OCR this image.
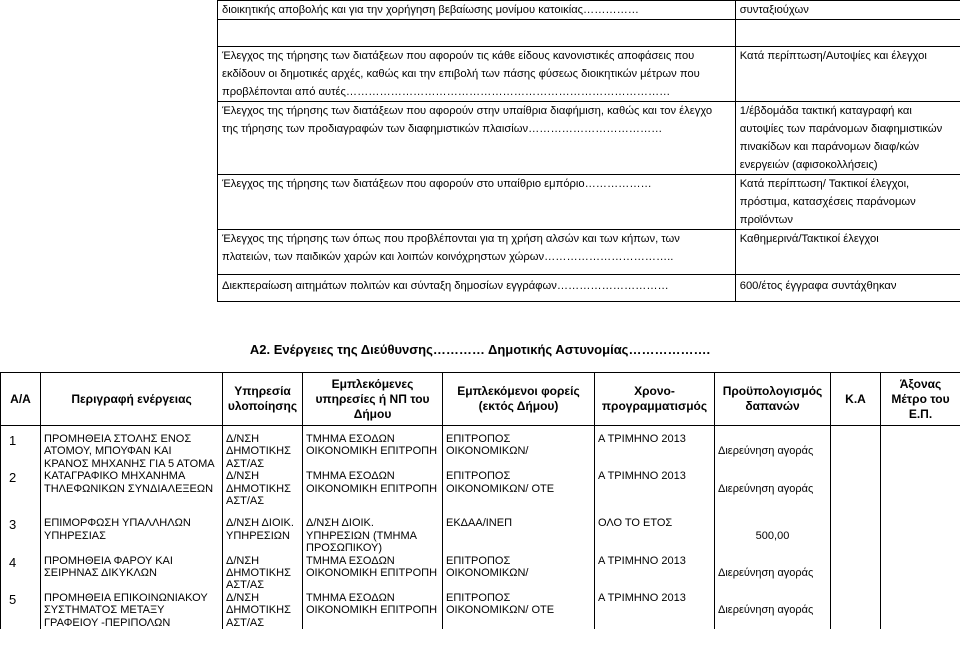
διοικητικής αποβολής και για την χορήγηση βεβαίωσης μονίμου κατοικίας……………	συνταξιούχων

Έλεγχος της τήρησης των διατάξεων που αφορούν τις κάθε είδους κανονιστικές αποφάσεις που εκδίδουν οι δημοτικές αρχές, καθώς και την επιβολή των πάσης φύσεως διοικητικών μέτρων που προβλέπονται από αυτές……………………………………………………………………………	Κατά περίπτωση/Αυτοψίες και έλεγχοι
Έλεγχος της τήρησης των διατάξεων που αφορούν στην υπαίθρια διαφήμιση, καθώς και τον έλεγχο της τήρησης των προδιαγραφών των διαφημιστικών πλαισίων………………………………	1/έβδομάδα τακτική καταγραφή και αυτοψίες των παράνομων διαφημιστικών πινακίδων και παράνομων διαφ/κών ενεργειών (αφισοκολλήσεις)
Έλεγχος της τήρησης των διατάξεων που αφορούν στο υπαίθριο εμπόριο………………	Κατά περίπτωση/ Τακτικοί έλεγχοι, πρόστιμα, κατασχέσεις παράνομων προϊόντων
Έλεγχος της τήρησης των όπως που προβλέπονται για τη χρήση αλσών και των κήπων, των πλατειών, των παιδικών χαρών και λοιπών κοινόχρηστων χώρων……………………………..	Καθημερινά/Τακτικοί έλεγχοι
Διεκπεραίωση αιτημάτων πολιτών και σύνταξη δημοσίων εγγράφων…………………………	600/έτος έγγραφα συντάχθηκαν
Α2. Ενέργειες της Διεύθυνσης………… Δημοτικής Αστυνομίας……………….
Α/Α	Περιγραφή ενέργειας	Υπηρεσία υλοποίησης	Εμπλεκόμενες υπηρεσίες ή ΝΠ του Δήμου	Εμπλεκόμενοι φορείς (εκτός Δήμου)	Χρονο-προγραμματισμός	Προϋπολογισμός δαπανών	Κ.Α	Άξονας Μέτρο του Ε.Π.

1	ΠΡΟΜΗΘΕΙΑ ΣΤΟΛΗΣ ΕΝΟΣ ΑΤΟΜΟΥ, ΜΠΟΥΦΑΝ ΚΑΙ ΚΡΑΝΟΣ ΜΗΧΑΝΗΣ ΓΙΑ 5 ΑΤΟΜΑ	Δ/ΝΣΗ ΔΗΜΟΤΙΚΗΣ ΑΣΤ/ΑΣ	ΤΜΗΜΑ ΕΣΟΔΩΝ ΟΙΚΟΝΟΜΙΚΗ ΕΠΙΤΡΟΠΗ	ΕΠΙΤΡΟΠΟΣ ΟΙΚΟΝΟΜΙΚΩΝ/	Α ΤΡΙΜΗΝΟ 2013	Διερεύνηση αγοράς		
2	ΚΑΤΑΓΡΑΦΙΚΟ ΜΗΧΑΝΗΜΑ ΤΗΛΕΦΩΝΙΚΩΝ ΣΥΝΔΙΑΛΕΞΕΩΝ	Δ/ΝΣΗ ΔΗΜΟΤΙΚΗΣ ΑΣΤ/ΑΣ	ΤΜΗΜΑ ΕΣΟΔΩΝ ΟΙΚΟΝΟΜΙΚΗ ΕΠΙΤΡΟΠΗ	ΕΠΙΤΡΟΠΟΣ ΟΙΚΟΝΟΜΙΚΩΝ/ ΟΤΕ	Α ΤΡΙΜΗΝΟ 2013	Διερεύνηση αγοράς		

3	ΕΠΙΜΟΡΦΩΣΗ ΥΠΑΛΛΗΛΩΝ ΥΠΗΡΕΣΙΑΣ	Δ/ΝΣΗ ΔΙΟΙΚ. ΥΠΗΡΕΣΙΩΝ	Δ/ΝΣΗ ΔΙΟΙΚ. ΥΠΗΡΕΣΙΩΝ (ΤΜΗΜΑ ΠΡΟΣΩΠΙΚΟΥ)	ΕΚΔΑΑ/ΙΝΕΠ	ΟΛΟ ΤΟ ΕΤΟΣ	500,00		
4	ΠΡΟΜΗΘΕΙΑ ΦΑΡΟΥ ΚΑΙ ΣΕΙΡΗΝΑΣ ΔΙΚΥΚΛΩΝ	Δ/ΝΣΗ ΔΗΜΟΤΙΚΗΣ ΑΣΤ/ΑΣ	ΤΜΗΜΑ ΕΣΟΔΩΝ ΟΙΚΟΝΟΜΙΚΗ ΕΠΙΤΡΟΠΗ	ΕΠΙΤΡΟΠΟΣ ΟΙΚΟΝΟΜΙΚΩΝ/	Α ΤΡΙΜΗΝΟ 2013	Διερεύνηση αγοράς		
5	ΠΡΟΜΗΘΕΙΑ ΕΠΙΚΟΙΝΩΝΙΑΚΟΥ ΣΥΣΤΗΜΑΤΟΣ ΜΕΤΑΞΥ ΓΡΑΦΕΙΟΥ -ΠΕΡΙΠΟΛΩΝ	Δ/ΝΣΗ ΔΗΜΟΤΙΚΗΣ ΑΣΤ/ΑΣ	ΤΜΗΜΑ ΕΣΟΔΩΝ ΟΙΚΟΝΟΜΙΚΗ ΕΠΙΤΡΟΠΗ	ΕΠΙΤΡΟΠΟΣ ΟΙΚΟΝΟΜΙΚΩΝ/ ΟΤΕ	Α ΤΡΙΜΗΝΟ 2013	Διερεύνηση αγοράς		
